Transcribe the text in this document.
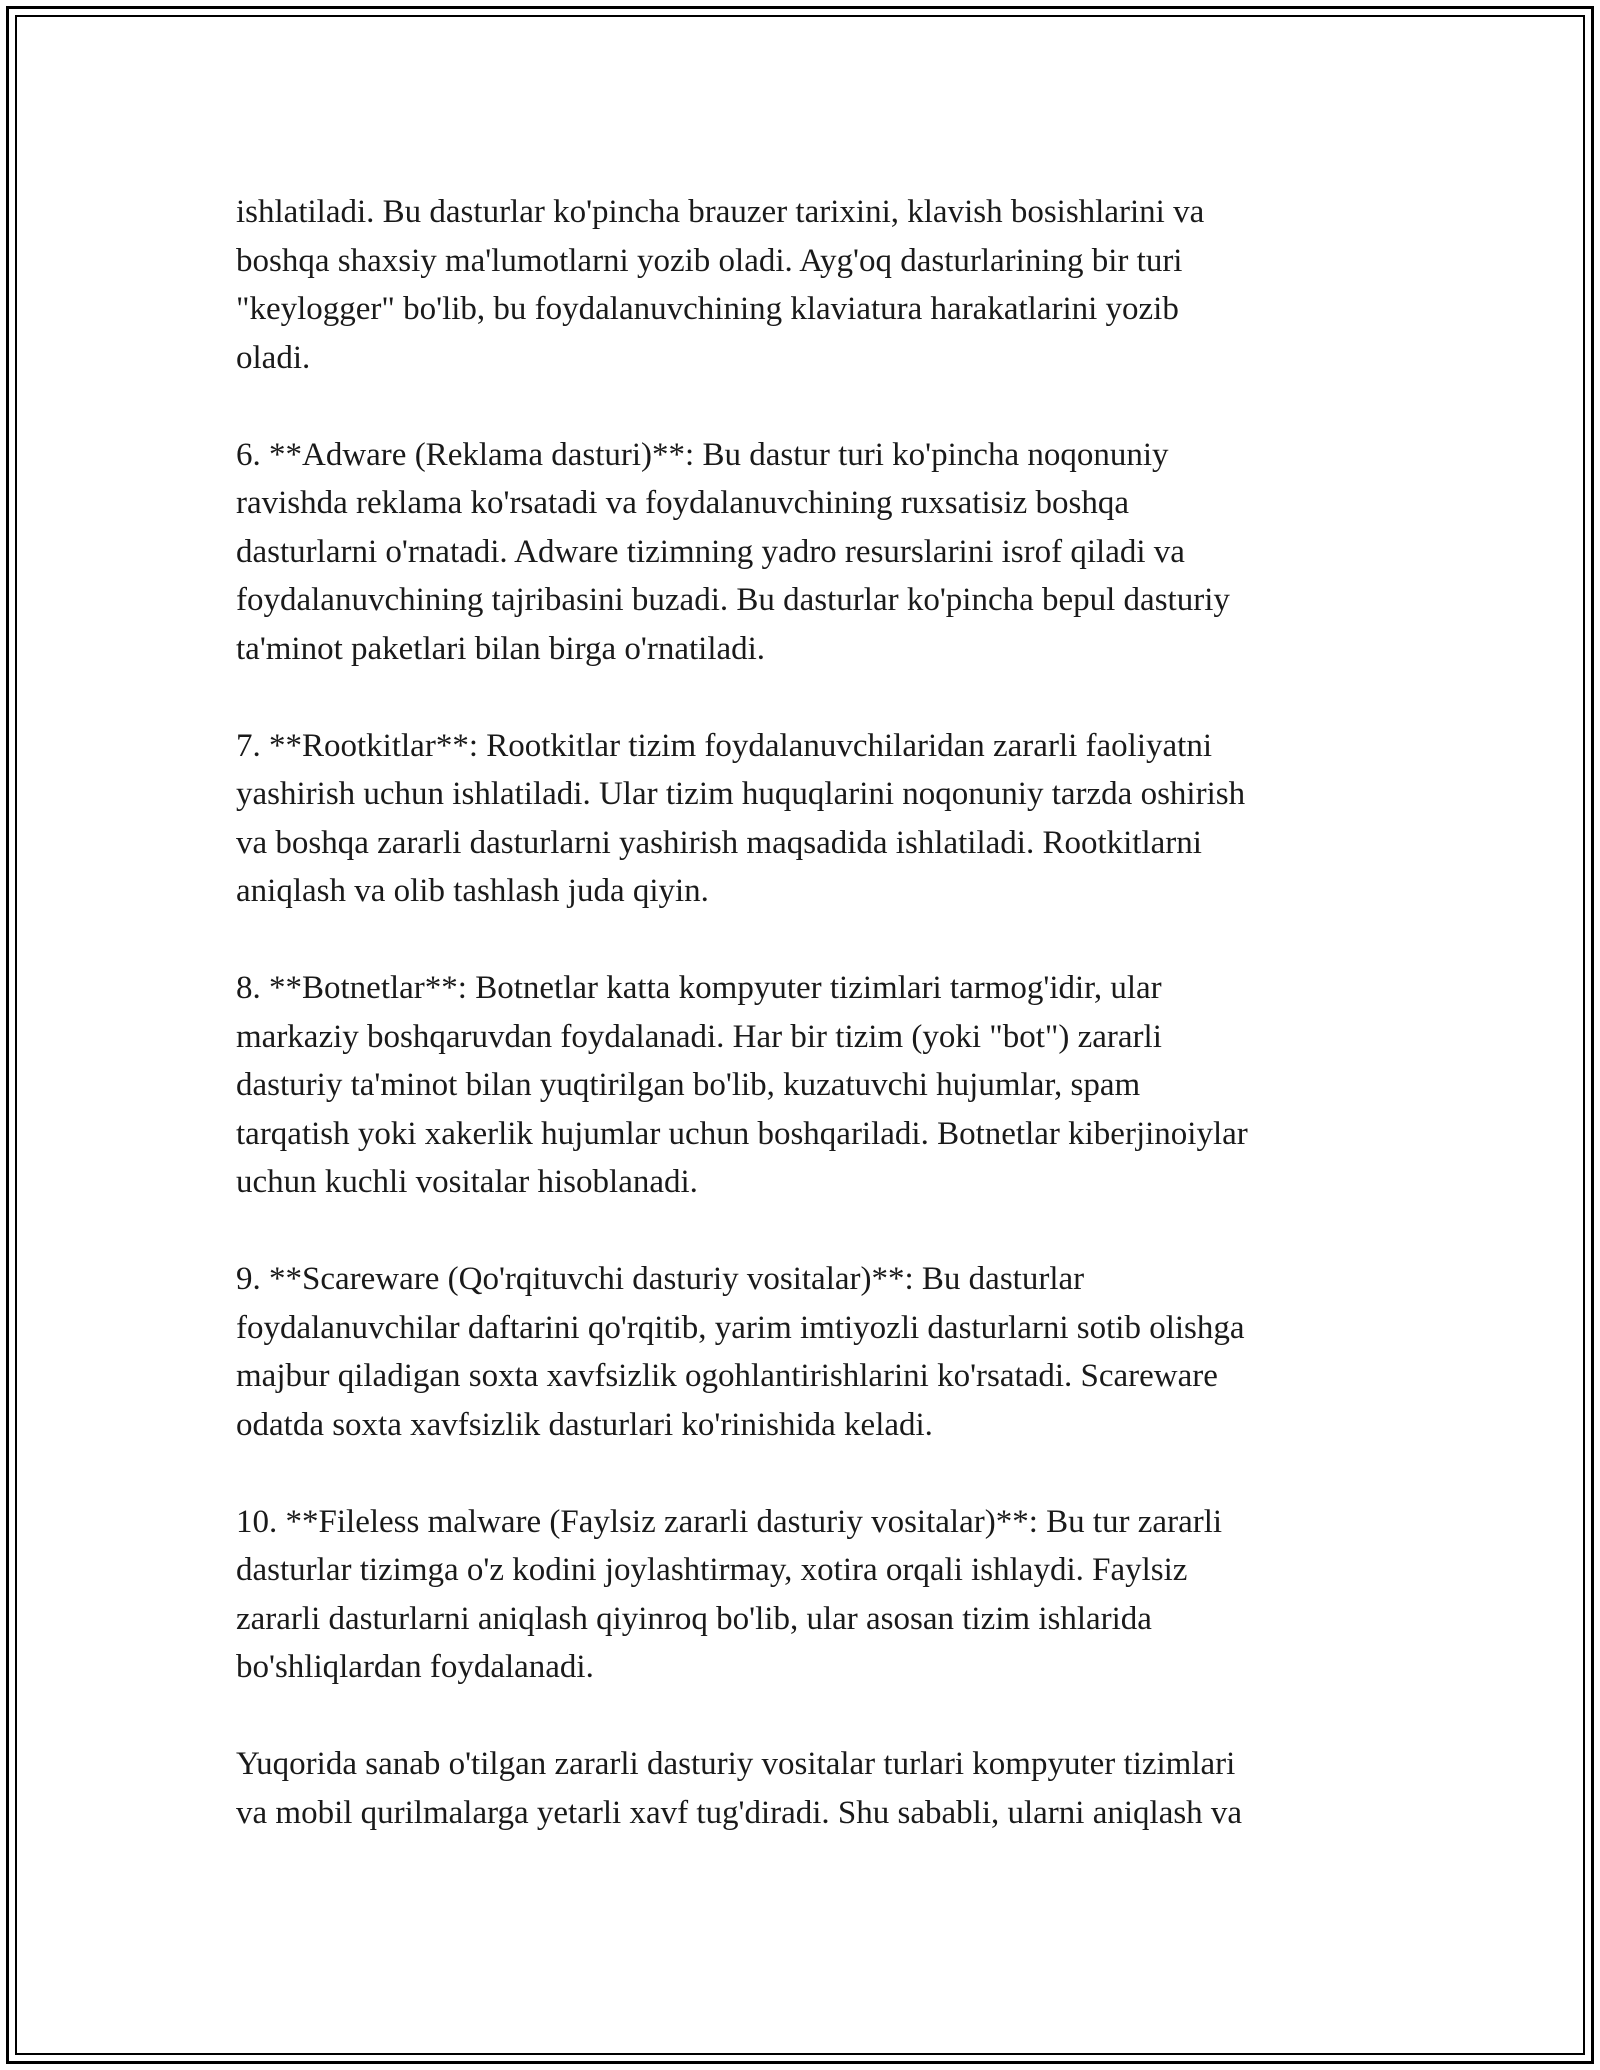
ishlatiladi. Bu dasturlar ko'pincha brauzer tarixini, klavish bosishlarini va
boshqa shaxsiy ma'lumotlarni yozib oladi. Ayg'oq dasturlarining bir turi
"keylogger" bo'lib, bu foydalanuvchining klaviatura harakatlarini yozib
oladi.

6. **Adware (Reklama dasturi)**: Bu dastur turi ko'pincha noqonuniy
ravishda reklama ko'rsatadi va foydalanuvchining ruxsatisiz boshqa
dasturlarni o'rnatadi. Adware tizimning yadro resurslarini isrof qiladi va
foydalanuvchining tajribasini buzadi. Bu dasturlar ko'pincha bepul dasturiy
ta'minot paketlari bilan birga o'rnatiladi.

7. **Rootkitlar**: Rootkitlar tizim foydalanuvchilaridan zararli faoliyatni
yashirish uchun ishlatiladi. Ular tizim huquqlarini noqonuniy tarzda oshirish
va boshqa zararli dasturlarni yashirish maqsadida ishlatiladi. Rootkitlarni
aniqlash va olib tashlash juda qiyin.

8. **Botnetlar**: Botnetlar katta kompyuter tizimlari tarmog'idir, ular
markaziy boshqaruvdan foydalanadi. Har bir tizim (yoki "bot") zararli
dasturiy ta'minot bilan yuqtirilgan bo'lib, kuzatuvchi hujumlar, spam
tarqatish yoki xakerlik hujumlar uchun boshqariladi. Botnetlar kiberjinoiylar
uchun kuchli vositalar hisoblanadi.

9. **Scareware (Qo'rqituvchi dasturiy vositalar)**: Bu dasturlar
foydalanuvchilar daftarini qo'rqitib, yarim imtiyozli dasturlarni sotib olishga
majbur qiladigan soxta xavfsizlik ogohlantirishlarini ko'rsatadi. Scareware
odatda soxta xavfsizlik dasturlari ko'rinishida keladi.

10. **Fileless malware (Faylsiz zararli dasturiy vositalar)**: Bu tur zararli
dasturlar tizimga o'z kodini joylashtirmay, xotira orqali ishlaydi. Faylsiz
zararli dasturlarni aniqlash qiyinroq bo'lib, ular asosan tizim ishlarida
bo'shliqlardan foydalanadi.

Yuqorida sanab o'tilgan zararli dasturiy vositalar turlari kompyuter tizimlari
va mobil qurilmalarga yetarli xavf tug'diradi. Shu sababli, ularni aniqlash va
